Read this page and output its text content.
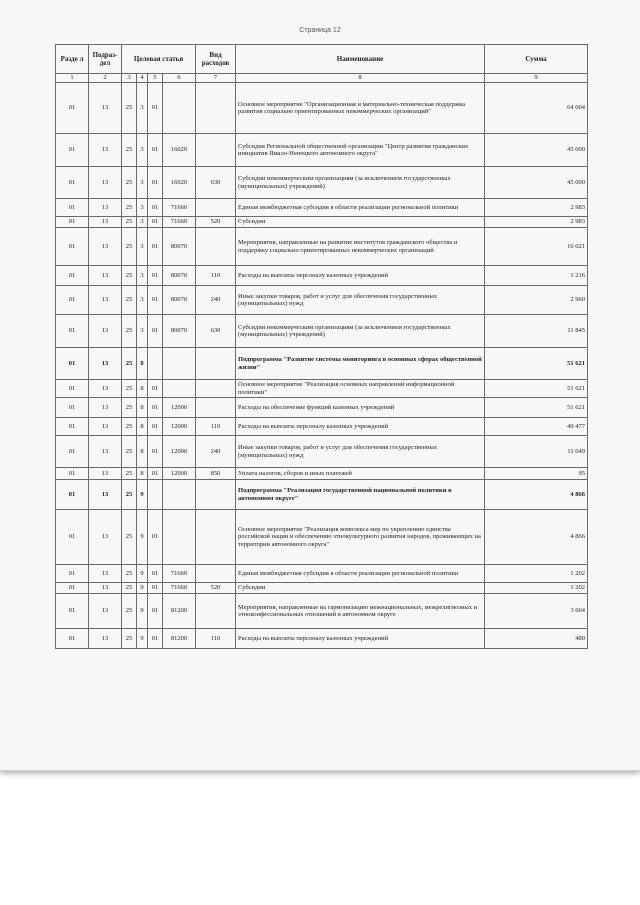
Страница 12
Разде л	Подраз- дел	Целевая статья				Вид расходов	Наименование	Сумма
1	2	3	4	5	6	7	8	9
01	13	25	3	01			Основное мероприятие "Организационная и материально-техническая поддержка развития социально ориентированных некоммерческих организаций"	64 004
01	13	25	3	01	16020		Субсидия Региональной общественной организации "Центр развития гражданских инициатив Ямало-Ненецкого автономного округа"	45 000
01	13	25	3	01	16020	630	Субсидии некоммерческим организациям (за исключением государственных (муниципальных) учреждений)	45 000
01	13	25	3	01	71660		Единая межбюджетная субсидия в области реализации региональной политики	2 983
01	13	25	3	01	71660	520	Субсидии	2 983
01	13	25	3	01	80070		Мероприятия, направленные на развитие институтов гражданского общества и поддержку социально ориентированных некоммерческих организаций	16 021
01	13	25	3	01	80070	110	Расходы на выплаты персоналу казенных учреждений	1 216
01	13	25	3	01	80070	240	Иные закупки товаров, работ и услуг для обеспечения государственных (муниципальных) нужд	2 960
01	13	25	3	01	80070	630	Субсидии некоммерческим организациям (за исключением государственных (муниципальных) учреждений)	11 845
01	13	25	8				Подпрограмма "Развитие системы мониторинга в основных сферах общественной жизни"	51 621
01	13	25	8	01			Основное мероприятие "Реализация основных направлений информационной политики"	51 621
01	13	25	8	01	12000		Расходы на обеспечение функций казенных учреждений	51 621
01	13	25	8	01	12000	110	Расходы на выплаты персоналу казенных учреждений	40 477
01	13	25	8	01	12000	240	Иные закупки товаров, работ и услуг для обеспечения государственных (муниципальных) нужд	11 049
01	13	25	8	01	12000	850	Уплата налогов, сборов и иных платежей	95
01	13	25	9				Подпрограмма "Реализация государственной национальной политики в автономном округе"	4 866
01	13	25	9	01			Основное мероприятие "Реализация комплекса мер по укреплению единства российской нации и обеспечению этнокультурного развития народов, проживающих на территории автономного округа"	4 866
01	13	25	9	01	71660		Единая межбюджетная субсидия в области реализации региональной политики	1 202
01	13	25	9	01	71660	520	Субсидии	1 202
01	13	25	9	01	81200		Мероприятия, направленные на гармонизацию межнациональных, межрелигиозных и этноконфессиональных отношений в автономном округе	3 664
01	13	25	9	01	81200	110	Расходы на выплаты персоналу казенных учреждений	480
